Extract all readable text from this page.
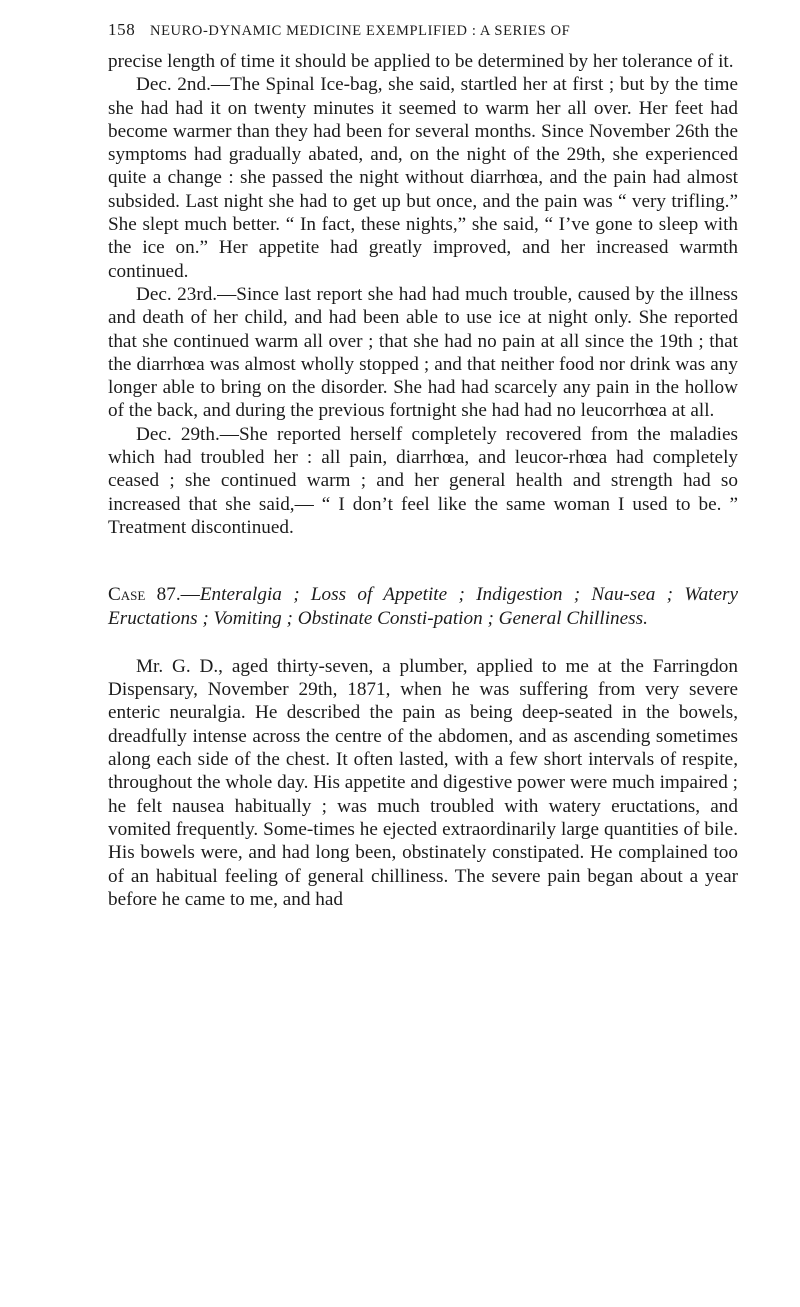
158 NEURO-DYNAMIC MEDICINE EXEMPLIFIED : A SERIES OF

precise length of time it should be applied to be determined by her tolerance of it.

Dec. 2nd.—The Spinal Ice-bag, she said, startled her at first ; but by the time she had had it on twenty minutes it seemed to warm her all over. Her feet had become warmer than they had been for several months. Since November 26th the symptoms had gradually abated, and, on the night of the 29th, she experienced quite a change : she passed the night without diarrhœa, and the pain had almost subsided. Last night she had to get up but once, and the pain was “ very trifling.” She slept much better. “ In fact, these nights,” she said, “ I’ve gone to sleep with the ice on.” Her appetite had greatly improved, and her increased warmth continued.

Dec. 23rd.—Since last report she had had much trouble, caused by the illness and death of her child, and had been able to use ice at night only. She reported that she continued warm all over ; that she had no pain at all since the 19th ; that the diarrhœa was almost wholly stopped ; and that neither food nor drink was any longer able to bring on the disorder. She had had scarcely any pain in the hollow of the back, and during the previous fortnight she had had no leucorrhœa at all.

Dec. 29th.—She reported herself completely recovered from the maladies which had troubled her : all pain, diarrhœa, and leucor-rhœa had completely ceased ; she continued warm ; and her general health and strength had so increased that she said,— “ I don’t feel like the same woman I used to be. ” Treatment discontinued.

Case 87.—Enteralgia ; Loss of Appetite ; Indigestion ; Nau-sea ; Watery Eructations ; Vomiting ; Obstinate Consti-pation ; General Chilliness.

Mr. G. D., aged thirty-seven, a plumber, applied to me at the Farringdon Dispensary, November 29th, 1871, when he was suffering from very severe enteric neuralgia. He described the pain as being deep-seated in the bowels, dreadfully intense across the centre of the abdomen, and as ascending sometimes along each side of the chest. It often lasted, with a few short intervals of respite, throughout the whole day. His appetite and digestive power were much impaired ; he felt nausea habitually ; was much troubled with watery eructations, and vomited frequently. Some-times he ejected extraordinarily large quantities of bile. His bowels were, and had long been, obstinately constipated. He complained too of an habitual feeling of general chilliness. The severe pain began about a year before he came to me, and had
